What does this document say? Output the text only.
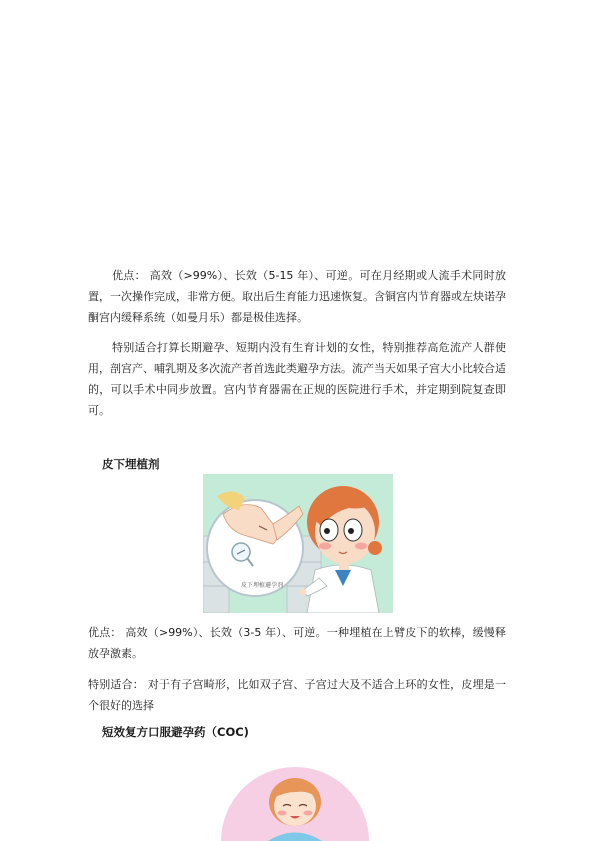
优点： 高效（>99%）、长效（5-15 年）、可逆。可在月经期或人流手术同时放置，一次操作完成，非常方便。取出后生育能力迅速恢复。含铜宫内节育器或左炔诺孕酮宫内缓释系统（如曼月乐）都是极佳选择。

特别适合打算长期避孕、短期内没有生育计划的女性，特别推荐高危流产人群使用，剖宫产、哺乳期及多次流产者首选此类避孕方法。流产当天如果子宫大小比较合适的，可以手术中同步放置。宫内节育器需在正规的医院进行手术，并定期到院复查即可。

皮下埋植剂
皮下埋植避孕剂

优点： 高效（>99%）、长效（3-5 年）、可逆。一种埋植在上臂皮下的软棒，缓慢释放孕激素。

特别适合： 对于有子宫畸形，比如双子宫、子宫过大及不适合上环的女性，皮埋是一个很好的选择

短效复方口服避孕药（COC)
